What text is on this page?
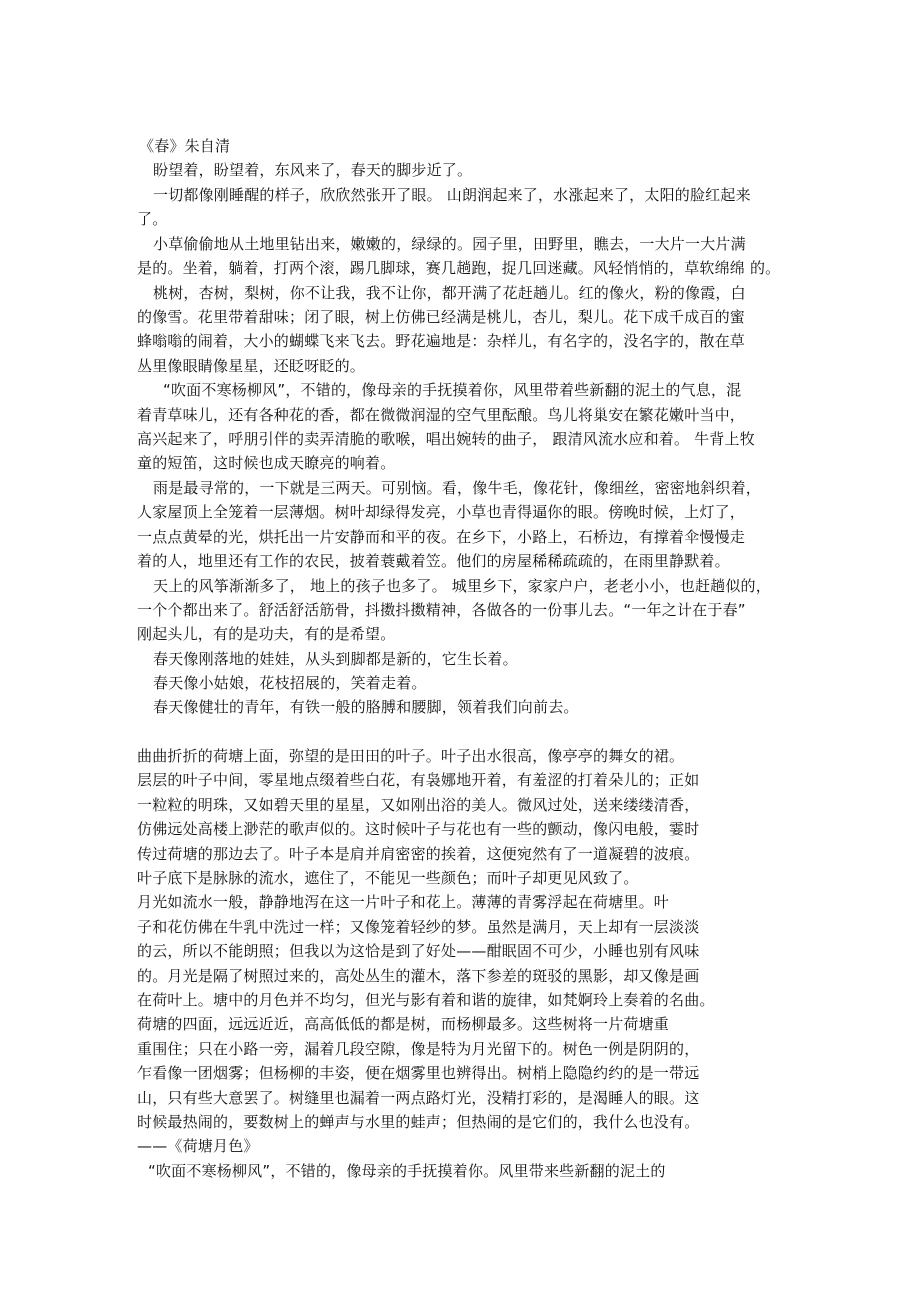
《春》朱自清
盼望着，盼望着，东风来了，春天的脚步近了。
一切都像刚睡醒的样子，欣欣然张开了眼。 山朗润起来了，水涨起来了，太阳的脸红起来
了。
小草偷偷地从土地里钻出来，嫩嫩的，绿绿的。园子里，田野里，瞧去，一大片一大片满
是的。坐着，躺着，打两个滚，踢几脚球，赛几趟跑，捉几回迷藏。风轻悄悄的，草软绵绵 的。
桃树，杏树，梨树，你不让我，我不让你，都开满了花赶趟儿。红的像火，粉的像霞，白
的像雪。花里带着甜味；闭了眼，树上仿佛已经满是桃儿，杏儿，梨儿。花下成千成百的蜜
蜂嗡嗡的闹着，大小的蝴蝶飞来飞去。野花遍地是：杂样儿，有名字的，没名字的，散在草
丛里像眼睛像星星，还眨呀眨的。
“吹面不寒杨柳风”，不错的，像母亲的手抚摸着你，风里带着些新翻的泥土的气息，混
着青草味儿，还有各种花的香，都在微微润湿的空气里酝酿。鸟儿将巢安在繁花嫩叶当中，
高兴起来了，呼朋引伴的卖弄清脆的歌喉，唱出婉转的曲子， 跟清风流水应和着。 牛背上牧
童的短笛，这时候也成天瞭亮的响着。
雨是最寻常的，一下就是三两天。可别恼。看，像牛毛，像花针，像细丝，密密地斜织着，
人家屋顶上全笼着一层薄烟。树叶却绿得发亮，小草也青得逼你的眼。傍晚时候，上灯了，
一点点黄晕的光，烘托出一片安静而和平的夜。在乡下，小路上，石桥边，有撑着伞慢慢走
着的人，地里还有工作的农民，披着蓑戴着笠。他们的房屋稀稀疏疏的，在雨里静默着。
天上的风筝渐渐多了， 地上的孩子也多了。 城里乡下，家家户户，老老小小，也赶趟似的，
一个个都出来了。舒活舒活筋骨，抖擞抖擞精神，各做各的一份事儿去。“一年之计在于春”
刚起头儿，有的是功夫，有的是希望。
春天像刚落地的娃娃，从头到脚都是新的，它生长着。
春天像小姑娘，花枝招展的，笑着走着。
春天像健壮的青年，有铁一般的胳膊和腰脚，领着我们向前去。
曲曲折折的荷塘上面，弥望的是田田的叶子。叶子出水很高，像亭亭的舞女的裙。
层层的叶子中间，零星地点缀着些白花，有袅娜地开着，有羞涩的打着朵儿的；正如
一粒粒的明珠，又如碧天里的星星，又如刚出浴的美人。微风过处，送来缕缕清香，
仿佛远处高楼上渺茫的歌声似的。这时候叶子与花也有一些的颤动，像闪电般，霎时
传过荷塘的那边去了。叶子本是肩并肩密密的挨着，这便宛然有了一道凝碧的波痕。
叶子底下是脉脉的流水，遮住了，不能见一些颜色；而叶子却更见风致了。
月光如流水一般，静静地泻在这一片叶子和花上。薄薄的青雾浮起在荷塘里。叶
子和花仿佛在牛乳中洗过一样；又像笼着轻纱的梦。虽然是满月，天上却有一层淡淡
的云，所以不能朗照；但我以为这恰是到了好处——酣眠固不可少，小睡也别有风味
的。月光是隔了树照过来的，高处丛生的灌木，落下参差的斑驳的黑影，却又像是画
在荷叶上。塘中的月色并不均匀，但光与影有着和谐的旋律，如梵婀玲上奏着的名曲。
荷塘的四面，远远近近，高高低低的都是树，而杨柳最多。这些树将一片荷塘重
重围住；只在小路一旁，漏着几段空隙，像是特为月光留下的。树色一例是阴阴的，
乍看像一团烟雾；但杨柳的丰姿，便在烟雾里也辨得出。树梢上隐隐约约的是一带远
山，只有些大意罢了。树缝里也漏着一两点路灯光，没精打彩的，是渴睡人的眼。这
时候最热闹的，要数树上的蝉声与水里的蛙声；但热闹的是它们的，我什么也没有。
——《荷塘月色》
“吹面不寒杨柳风”，不错的，像母亲的手抚摸着你。风里带来些新翻的泥土的
